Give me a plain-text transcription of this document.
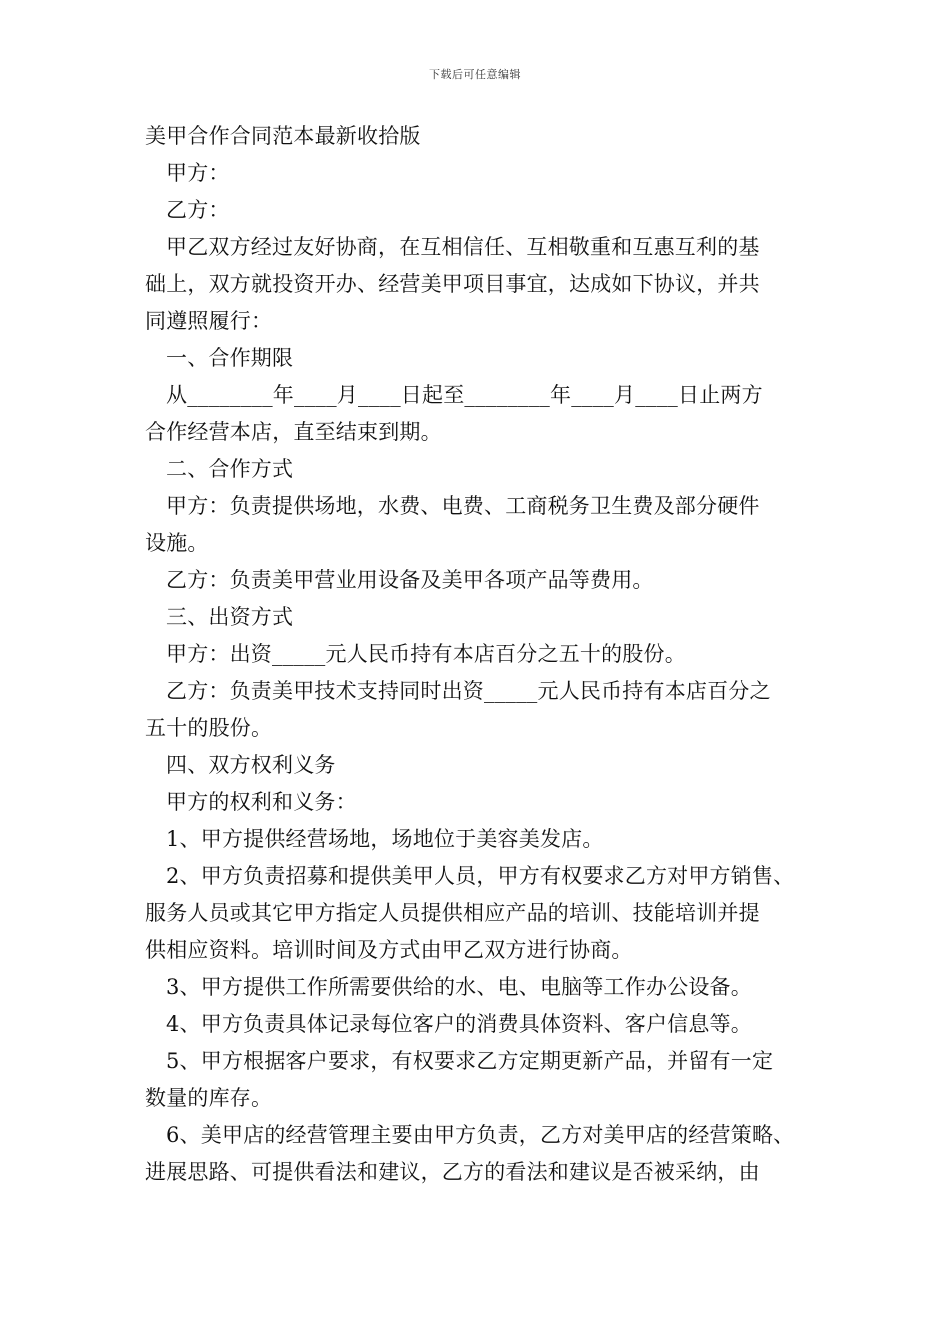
下载后可任意编辑
美甲合作合同范本最新收拾版
甲方：
乙方：
甲乙双方经过友好协商，在互相信任、互相敬重和互惠互利的基
础上，双方就投资开办、经营美甲项目事宜，达成如下协议，并共
同遵照履行：
一、合作期限
从________年____月____日起至________年____月____日止两方
合作经营本店，直至结束到期。
二、合作方式
甲方：负责提供场地，水费、电费、工商税务卫生费及部分硬件
设施。
乙方：负责美甲营业用设备及美甲各项产品等费用。
三、出资方式
甲方：出资_____元人民币持有本店百分之五十的股份。
乙方：负责美甲技术支持同时出资_____元人民币持有本店百分之
五十的股份。
四、双方权利义务
甲方的权利和义务：
1、甲方提供经营场地，场地位于美容美发店。
2、甲方负责招募和提供美甲人员，甲方有权要求乙方对甲方销售、
服务人员或其它甲方指定人员提供相应产品的培训、技能培训并提
供相应资料。培训时间及方式由甲乙双方进行协商。
3、甲方提供工作所需要供给的水、电、电脑等工作办公设备。
4、甲方负责具体记录每位客户的消费具体资料、客户信息等。
5、甲方根据客户要求，有权要求乙方定期更新产品，并留有一定
数量的库存。
6、美甲店的经营管理主要由甲方负责，乙方对美甲店的经营策略、
进展思路、可提供看法和建议，乙方的看法和建议是否被采纳，由
